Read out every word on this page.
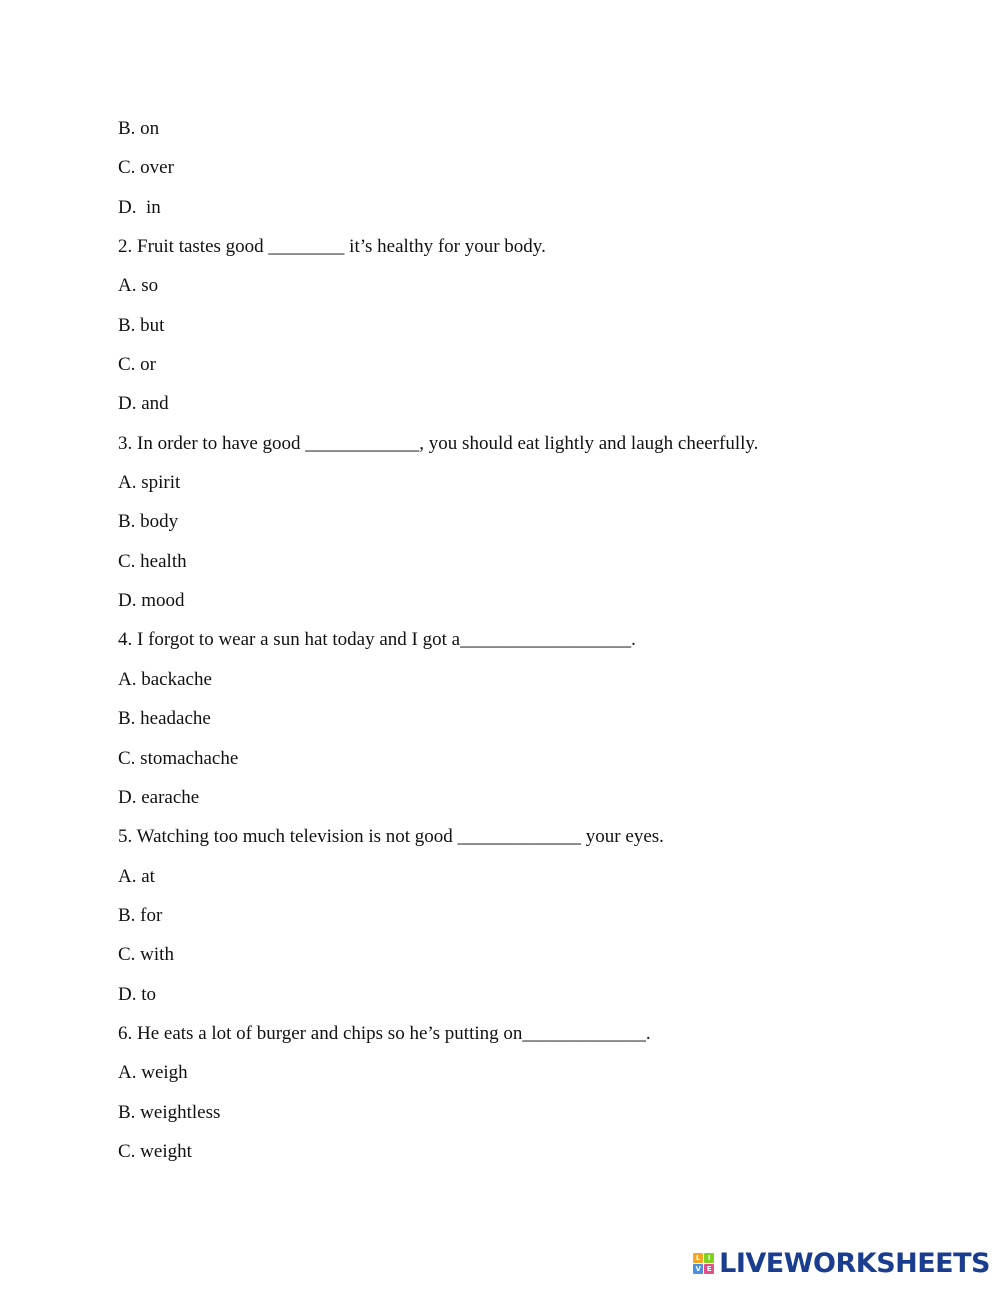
B. on

C. over

D.  in

2. Fruit tastes good ________ it’s healthy for your body.

A. so

B. but

C. or

D. and

3. In order to have good ____________, you should eat lightly and laugh cheerfully.

A. spirit

B. body

C. health

D. mood

4. I forgot to wear a sun hat today and I got a__________________.

A. backache

B. headache

C. stomachache

D. earache

5. Watching too much television is not good _____________ your eyes.

A. at

B. for

C. with

D. to

6. He eats a lot of burger and chips so he’s putting on_____________.

A. weigh

B. weightless

C. weight

L	I
V E LIVEWORKSHEETS
